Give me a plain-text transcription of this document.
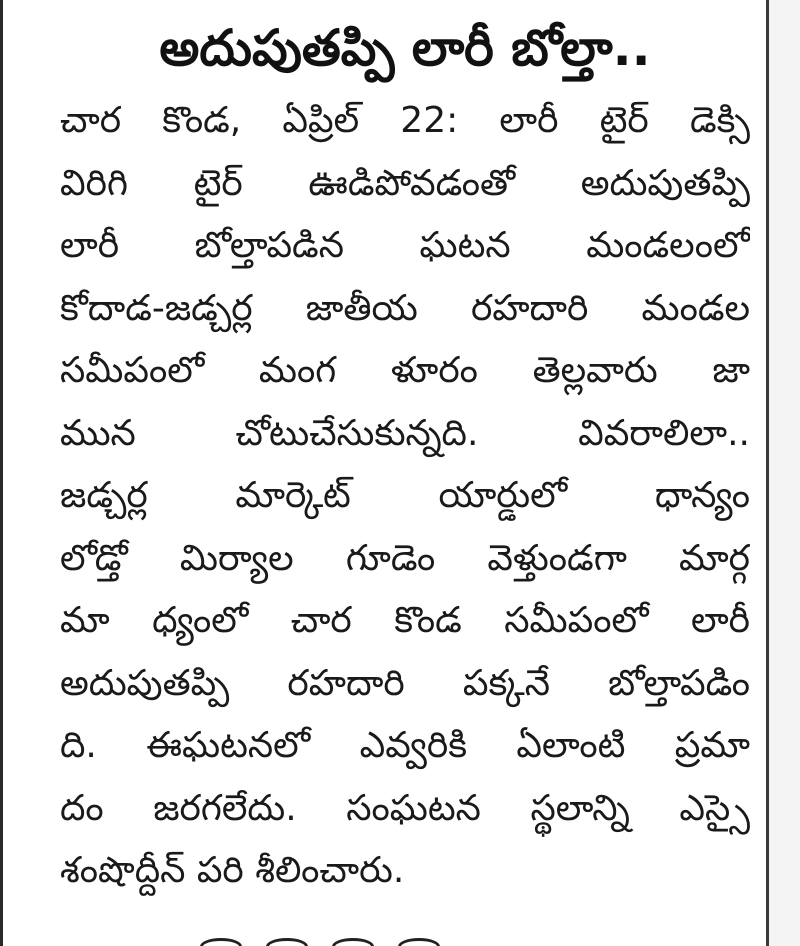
అదుపుతప్పి లారీ బోల్తా..
చార కొండ, ఏప్రిల్ 22: లారీ టైర్ డెక్సి
విరిగి టైర్ ఊడిపోవడంతో అదుపుతప్పి
లారీ బోల్తాపడిన ఘటన మండలంలో
కోదాడ-జడ్చర్ల జాతీయ రహదారి మండల
సమీపంలో మంగ ళూరం తెల్లవారు జా
మున చోటుచేసుకున్నది. వివరాలిలా..
జడ్చర్ల మార్కెట్ యార్డులో ధాన్యం
లోడ్తో మిర్యాల గూడెం వెళ్తుండగా మార్గ
మా ధ్యంలో చార కొండ సమీపంలో లారీ
అదుపుతప్పి రహదారి పక్కనే బోల్తాపడిం
ది. ఈఘటనలో ఎవ్వరికి ఏలాంటి ప్రమా
దం జరగలేదు. సంఘటన స్థలాన్ని ఎస్సై
శంషొద్దీన్ పరి శీలించారు.
